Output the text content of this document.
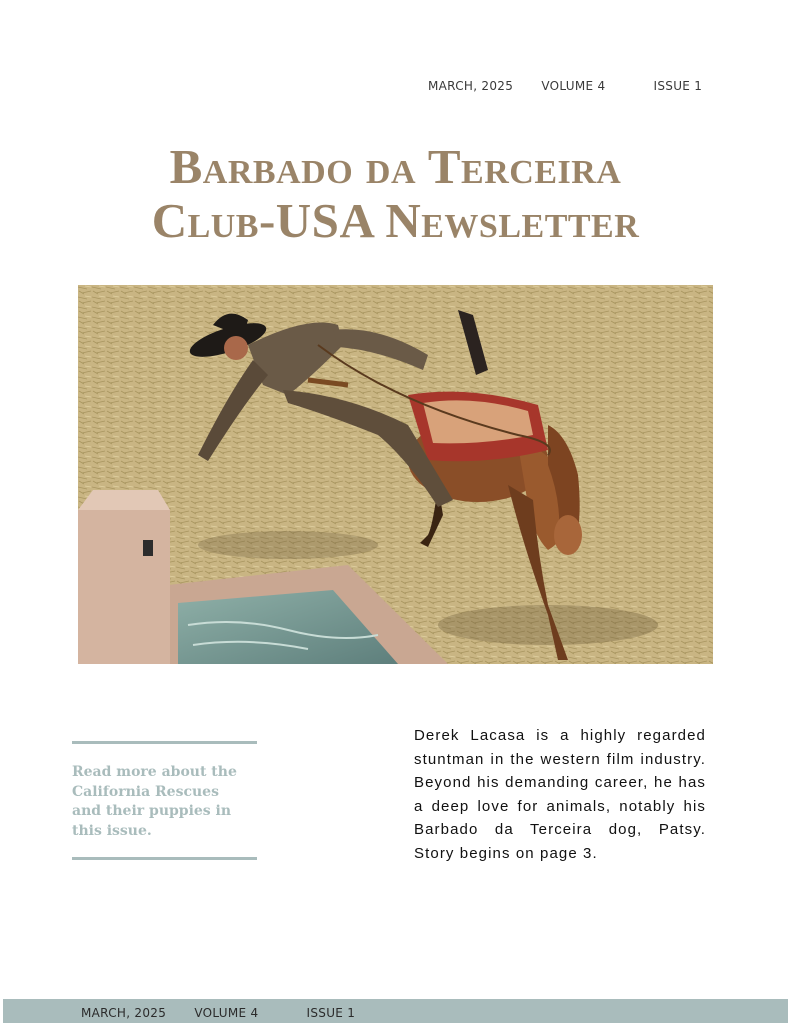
MARCH, 2025 VOLUME 4	ISSUE 1
Barbado da Terceira
Club-USA Newsletter
Read more about the California Rescues and their puppies in this issue.
Derek Lacasa is a highly regarded stuntman in the western film industry. Beyond his demanding career, he has a deep love for animals, notably his Barbado da Terceira dog, Patsy. Story begins on page 3.
MARCH, 2025 VOLUME 4	ISSUE 1
